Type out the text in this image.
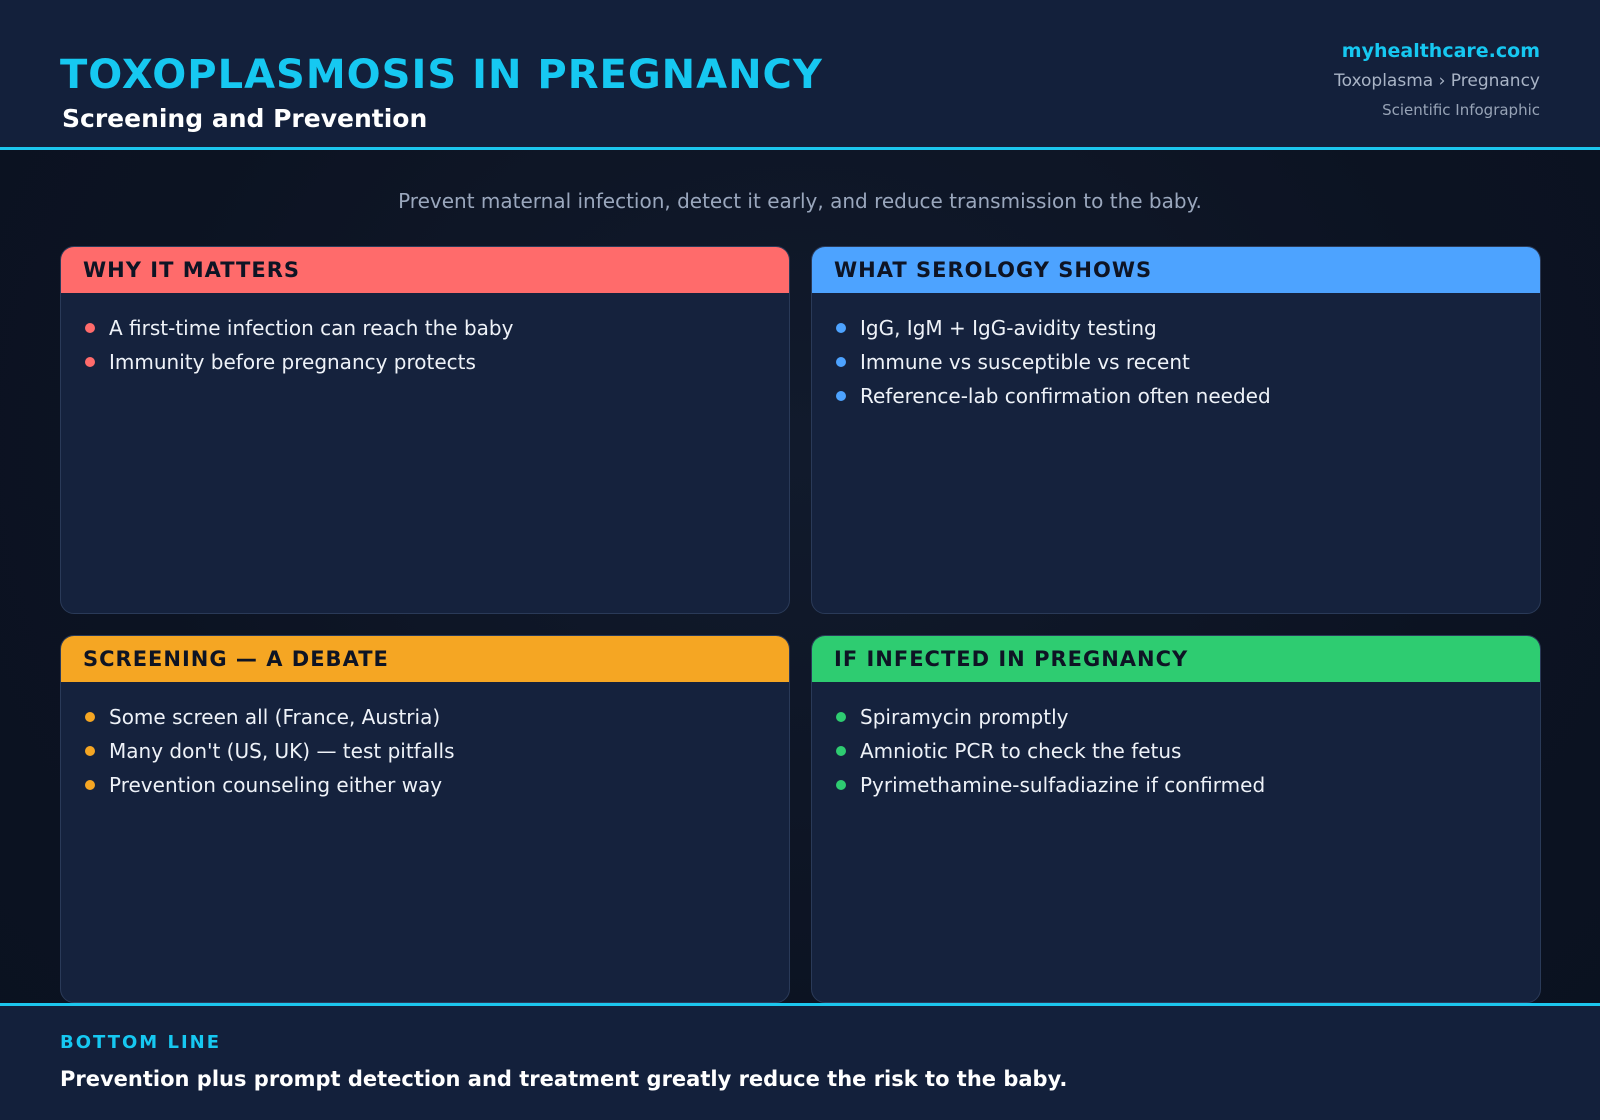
TOXOPLASMOSIS IN PREGNANCY
Screening and Prevention
myhealthcare.com
Toxoplasma › Pregnancy
Scientific Infographic
Prevent maternal infection, detect it early, and reduce transmission to the baby.
WHY IT MATTERS
A first-time infection can reach the baby
Immunity before pregnancy protects
WHAT SEROLOGY SHOWS
IgG, IgM + IgG-avidity testing
Immune vs susceptible vs recent
Reference-lab confirmation often needed
SCREENING — A DEBATE
Some screen all (France, Austria)
Many don't (US, UK) — test pitfalls
Prevention counseling either way
IF INFECTED IN PREGNANCY
Spiramycin promptly
Amniotic PCR to check the fetus
Pyrimethamine-sulfadiazine if confirmed
BOTTOM LINE
Prevention plus prompt detection and treatment greatly reduce the risk to the baby.
